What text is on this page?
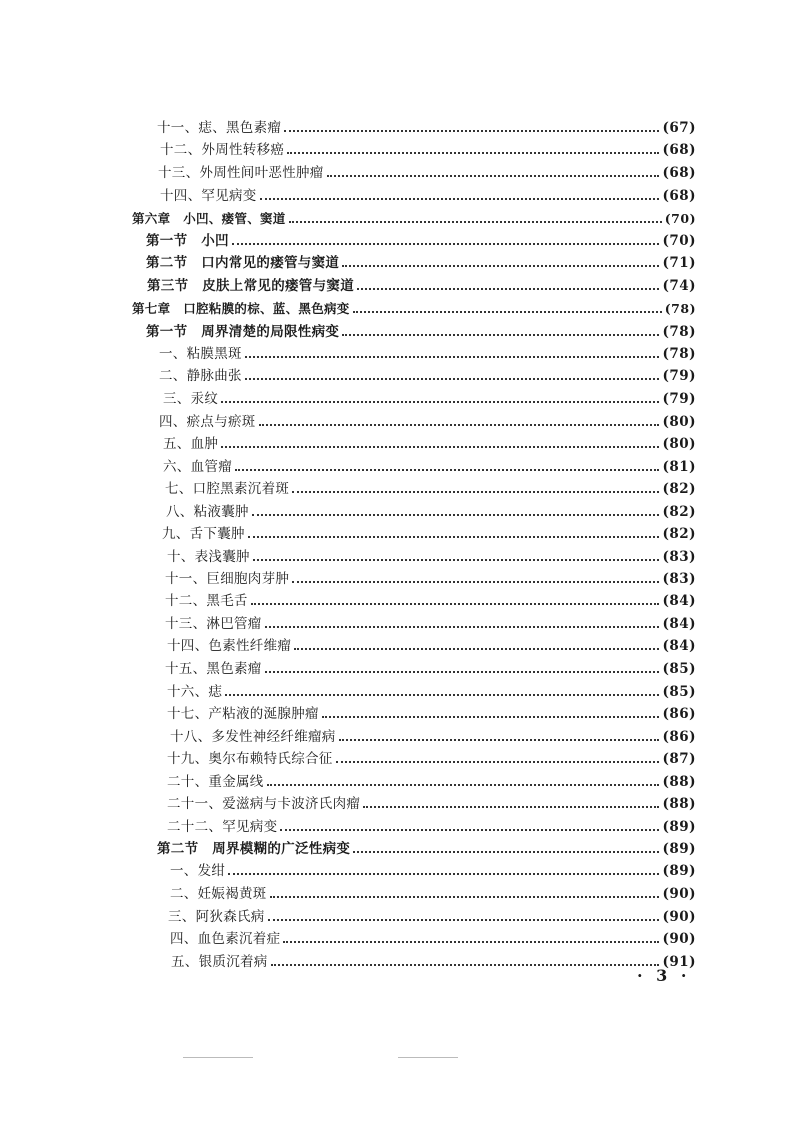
十一、痣、黑色素瘤	(67)
十二、外周性转移癌	(68)
十三、外周性间叶恶性肿瘤	(68)
十四、罕见病变	(68)
第六章　小凹、瘘管、窦道	(70)
第一节　小凹	(70)
第二节　口内常见的瘘管与窦道	(71)
第三节　皮肤上常见的瘘管与窦道	(74)
第七章　口腔粘膜的棕、蓝、黑色病变	(78)
第一节　周界清楚的局限性病变	(78)
一、粘膜黑斑	(78)
二、静脉曲张	(79)
三、汞纹	(79)
四、瘀点与瘀斑	(80)
五、血肿	(80)
六、血管瘤	(81)
七、口腔黑素沉着斑	(82)
八、粘液囊肿	(82)
九、舌下囊肿	(82)
十、表浅囊肿	(83)
十一、巨细胞肉芽肿	(83)
十二、黑毛舌	(84)
十三、淋巴管瘤	(84)
十四、色素性纤维瘤	(84)
十五、黑色素瘤	(85)
十六、痣	(85)
十七、产粘液的涎腺肿瘤	(86)
十八、多发性神经纤维瘤病	(86)
十九、奥尔布赖特氏综合征	(87)
二十、重金属线	(88)
二十一、爱滋病与卡波济氏肉瘤	(88)
二十二、罕见病变	(89)
第二节　周界模糊的广泛性病变	(89)
一、发绀	(89)
二、妊娠褐黄斑	(90)
三、阿狄森氏病	(90)
四、血色素沉着症	(90)
五、银质沉着病	(91)
· 3 ·
